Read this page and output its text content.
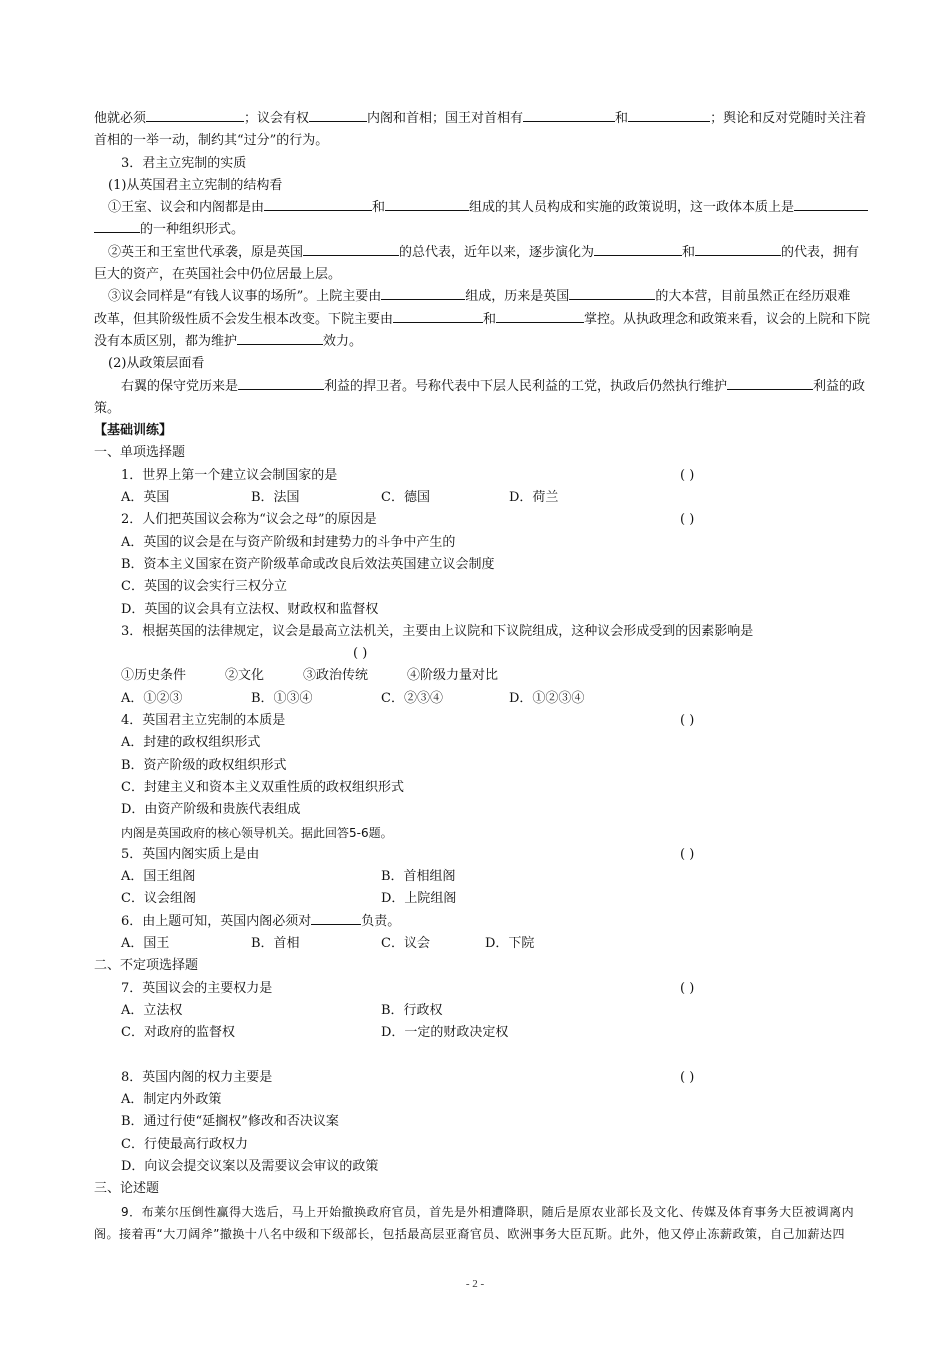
他就必须	；议会有权	内阁和首相；国王对首相有	和	；舆论和反对党随时关注着
首相的一举一动，制约其“过分”的行为。
3．君主立宪制的实质
(1)从英国君主立宪制的结构看
①王室、议会和内阁都是由	和	组成的其人员构成和实施的政策说明，这一政体本质上是
的一种组织形式。
②英王和王室世代承袭，原是英国	的总代表，近年以来，逐步演化为	和	的代表，拥有
巨大的资产，在英国社会中仍位居最上层。
③议会同样是“有钱人议事的场所”。上院主要由	组成，历来是英国	的大本营，目前虽然正在经历艰难
改革，但其阶级性质不会发生根本改变。下院主要由	和	掌控。从执政理念和政策来看，议会的上院和下院
没有本质区别，都为维护	效力。
(2)从政策层面看
右翼的保守党历来是	利益的捍卫者。号称代表中下层人民利益的工党，执政后仍然执行维护	利益的政
策。
【基础训练】
一、单项选择题
1．世界上第一个建立议会制国家的是	( )
A．英国	B．法国	C．德国	D．荷兰
2．人们把英国议会称为“议会之母”的原因是	( )
A．英国的议会是在与资产阶级和封建势力的斗争中产生的
B．资本主义国家在资产阶级革命或改良后效法英国建立议会制度
C．英国的议会实行三权分立
D．英国的议会具有立法权、财政权和监督权
3．根据英国的法律规定，议会是最高立法机关，主要由上议院和下议院组成，这种议会形成受到的因素影响是
( )
①历史条件	②文化	③政治传统	④阶级力量对比
A．①②③	B．①③④	C．②③④	D．①②③④
4．英国君主立宪制的本质是	( )
A．封建的政权组织形式
B．资产阶级的政权组织形式
C．封建主义和资本主义双重性质的政权组织形式
D．由资产阶级和贵族代表组成
内阁是英国政府的核心领导机关。据此回答5-6题。
5．英国内阁实质上是由	( )
A．国王组阁	B．首相组阁
C．议会组阁	D．上院组阁
6．由上题可知，英国内阁必须对	负责。
A．国王	B．首相	C．议会	D．下院
二、不定项选择题
7．英国议会的主要权力是	( )
A．立法权	B．行政权
C．对政府的监督权	D．一定的财政决定权
8．英国内阁的权力主要是	( )
A．制定内外政策
B．通过行使“延搁权”修改和否决议案
C．行使最高行政权力
D．向议会提交议案以及需要议会审议的政策
三、论述题
9．布莱尔压倒性赢得大选后，马上开始撤换政府官员，首先是外相遭降职，随后是原农业部长及文化、传媒及体育事务大臣被调离内
阁。接着再“大刀阔斧”撤换十八名中级和下级部长，包括最高层亚裔官员、欧洲事务大臣瓦斯。此外，他又停止冻薪政策，自己加薪达四
- 2 -
